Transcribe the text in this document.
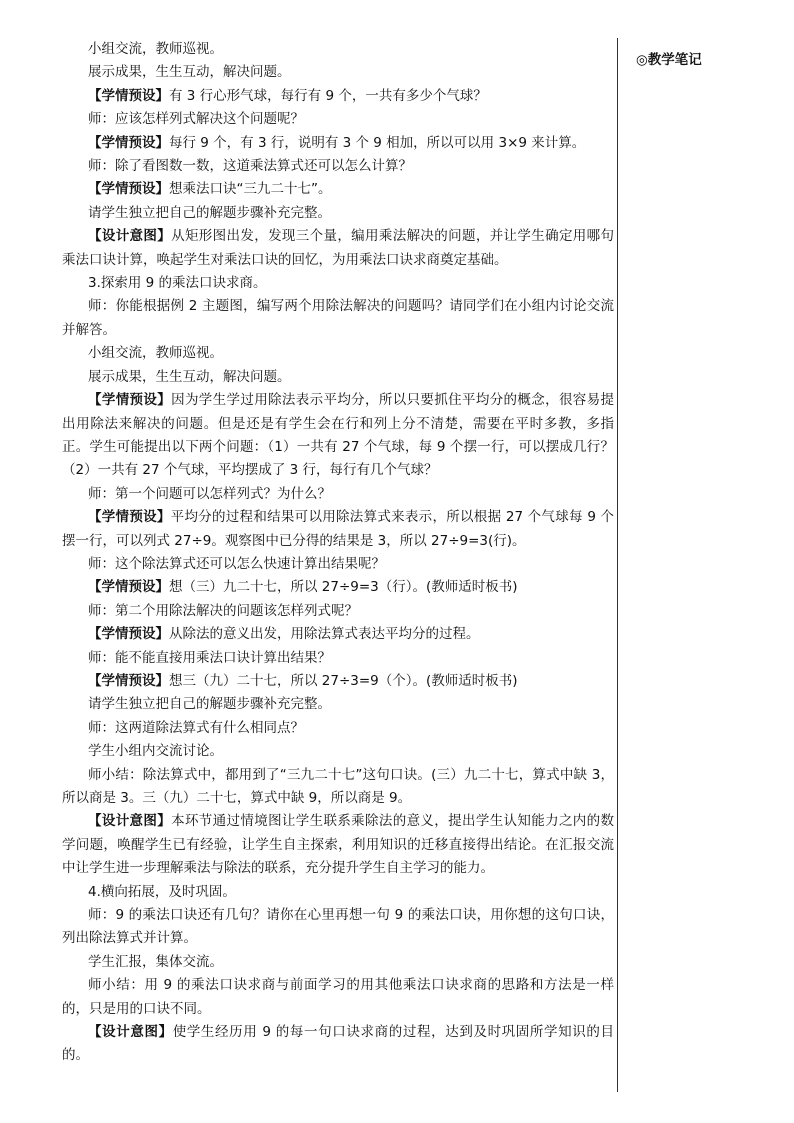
小组交流，教师巡视。

展示成果，生生互动，解决问题。

【学情预设】有 3 行心形气球，每行有 9 个，一共有多少个气球？

师：应该怎样列式解决这个问题呢？

【学情预设】每行 9 个，有 3 行，说明有 3 个 9 相加，所以可以用 3×9 来计算。

师：除了看图数一数，这道乘法算式还可以怎么计算？

【学情预设】想乘法口诀“三九二十七”。

请学生独立把自己的解题步骤补充完整。

【设计意图】从矩形图出发，发现三个量，编用乘法解决的问题，并让学生确定用哪句乘法口诀计算，唤起学生对乘法口诀的回忆，为用乘法口诀求商奠定基础。

3.探索用 9 的乘法口诀求商。

师：你能根据例 2 主题图，编写两个用除法解决的问题吗？请同学们在小组内讨论交流并解答。

小组交流，教师巡视。

展示成果，生生互动，解决问题。

【学情预设】因为学生学过用除法表示平均分，所以只要抓住平均分的概念，很容易提出用除法来解决的问题。但是还是有学生会在行和列上分不清楚，需要在平时多教，多指正。学生可能提出以下两个问题：（1）一共有 27 个气球，每 9 个摆一行，可以摆成几行？（2）一共有 27 个气球，平均摆成了 3 行，每行有几个气球？

师：第一个问题可以怎样列式？为什么？

【学情预设】平均分的过程和结果可以用除法算式来表示，所以根据 27 个气球每 9 个摆一行，可以列式 27÷9。观察图中已分得的结果是 3，所以 27÷9=3(行)。

师：这个除法算式还可以怎么快速计算出结果呢？

【学情预设】想（三）九二十七，所以 27÷9=3（行）。(教师适时板书)

师：第二个用除法解决的问题该怎样列式呢？

【学情预设】从除法的意义出发，用除法算式表达平均分的过程。

师：能不能直接用乘法口诀计算出结果？

【学情预设】想三（九）二十七，所以 27÷3=9（个）。(教师适时板书)

请学生独立把自己的解题步骤补充完整。

师：这两道除法算式有什么相同点？

学生小组内交流讨论。

师小结：除法算式中，都用到了“三九二十七”这句口诀。(三）九二十七，算式中缺 3，所以商是 3。三（九）二十七，算式中缺 9，所以商是 9。

【设计意图】本环节通过情境图让学生联系乘除法的意义，提出学生认知能力之内的数学问题，唤醒学生已有经验，让学生自主探索，利用知识的迁移直接得出结论。在汇报交流中让学生进一步理解乘法与除法的联系，充分提升学生自主学习的能力。

4.横向拓展，及时巩固。

师：9 的乘法口诀还有几句？请你在心里再想一句 9 的乘法口诀，用你想的这句口诀，列出除法算式并计算。

学生汇报，集体交流。

师小结：用 9 的乘法口诀求商与前面学习的用其他乘法口诀求商的思路和方法是一样的，只是用的口诀不同。

【设计意图】使学生经历用 9 的每一句口诀求商的过程，达到及时巩固所学知识的目的。

◎教学笔记
